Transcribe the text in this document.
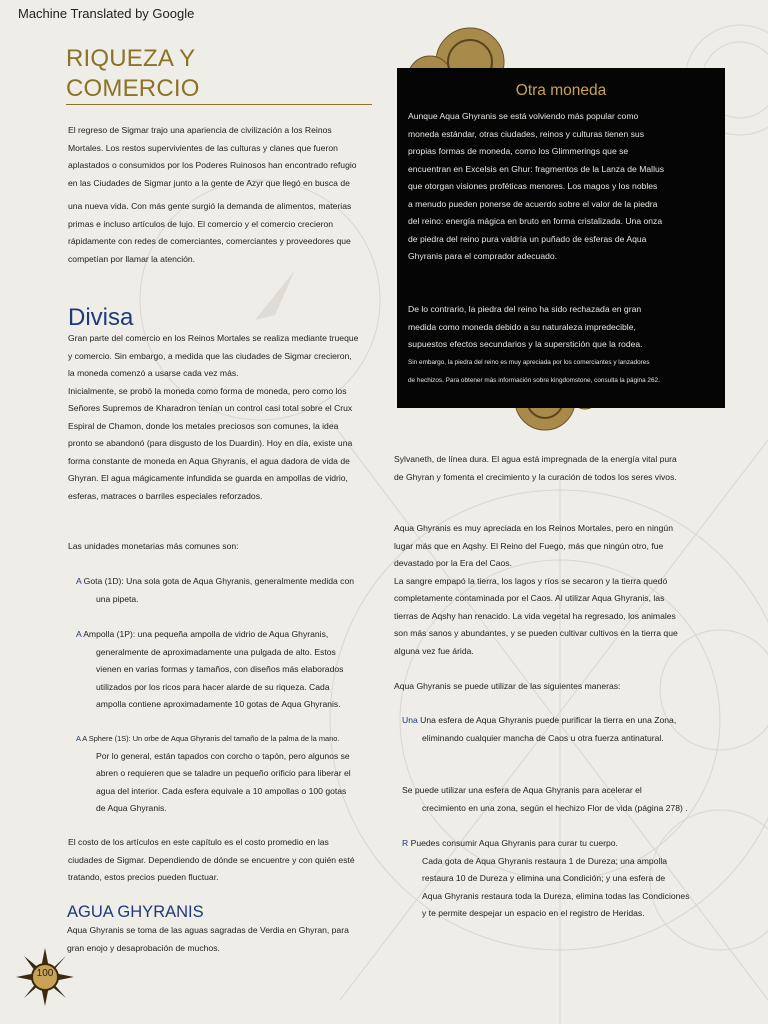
Machine Translated by Google
RIQUEZA Y
COMERCIO

El regreso de Sigmar trajo una apariencia de civilización a los Reinos

Mortales. Los restos supervivientes de las culturas y clanes que fueron

aplastados o consumidos por los Poderes Ruinosos han encontrado refugio

en las Ciudades de Sigmar junto a la gente de Azyr que llegó en busca de

una nueva vida. Con más gente surgió la demanda de alimentos, materias

primas e incluso artículos de lujo. El comercio y el comercio crecieron

rápidamente con redes de comerciantes, comerciantes y proveedores que

competían por llamar la atención.

Divisa

Gran parte del comercio en los Reinos Mortales se realiza mediante trueque

y comercio. Sin embargo, a medida que las ciudades de Sigmar crecieron,

la moneda comenzó a usarse cada vez más.

Inicialmente, se probó la moneda como forma de moneda, pero como los

Señores Supremos de Kharadron tenían un control casi total sobre el Crux

Espiral de Chamon, donde los metales preciosos son comunes, la idea

pronto se abandonó (para disgusto de los Duardin). Hoy en día, existe una

forma constante de moneda en Aqua Ghyranis, el agua dadora de vida de

Ghyran. El agua mágicamente infundida se guarda en ampollas de vidrio,

esferas, matraces o barriles especiales reforzados.

Las unidades monetarias más comunes son:

A Gota (1D): Una sola gota de Aqua Ghyranis, generalmente medida con

una pipeta.

A Ampolla (1P): una pequeña ampolla de vidrio de Aqua Ghyranis,

generalmente de aproximadamente una pulgada de alto. Estos

vienen en varias formas y tamaños, con diseños más elaborados

utilizados por los ricos para hacer alarde de su riqueza. Cada

ampolla contiene aproximadamente 10 gotas de Aqua Ghyranis.

A A Sphere (1S): Un orbe de Aqua Ghyranis del tamaño de la palma de la mano.

Por lo general, están tapados con corcho o tapón, pero algunos se

abren o requieren que se taladre un pequeño orificio para liberar el

agua del interior. Cada esfera equivale a 10 ampollas o 100 gotas

de Aqua Ghyranis.

El costo de los artículos en este capítulo es el costo promedio en las

ciudades de Sigmar. Dependiendo de dónde se encuentre y con quién esté

tratando, estos precios pueden fluctuar.

AGUA GHYRANIS

Aqua Ghyranis se toma de las aguas sagradas de Verdia en Ghyran, para

gran enojo y desaprobación de muchos.

Otra moneda

Aunque Aqua Ghyranis se está volviendo más popular como

moneda estándar, otras ciudades, reinos y culturas tienen sus

propias formas de moneda, como los Glimmerings que se

encuentran en Excelsis en Ghur: fragmentos de la Lanza de Mallus

que otorgan visiones proféticas menores. Los magos y los nobles

a menudo pueden ponerse de acuerdo sobre el valor de la piedra

del reino: energía mágica en bruto en forma cristalizada. Una onza

de piedra del reino pura valdría un puñado de esferas de Aqua

Ghyranis para el comprador adecuado.

De lo contrario, la piedra del reino ha sido rechazada en gran

medida como moneda debido a su naturaleza impredecible,

supuestos efectos secundarios y la superstición que la rodea.

Sin embargo, la piedra del reino es muy apreciada por los comerciantes y lanzadores

de hechizos. Para obtener más información sobre kingdomstone, consulta la página 262.

Sylvaneth, de línea dura. El agua está impregnada de la energía vital pura

de Ghyran y fomenta el crecimiento y la curación de todos los seres vivos.

Aqua Ghyranis es muy apreciada en los Reinos Mortales, pero en ningún

lugar más que en Aqshy. El Reino del Fuego, más que ningún otro, fue

devastado por la Era del Caos.

La sangre empapó la tierra, los lagos y ríos se secaron y la tierra quedó

completamente contaminada por el Caos. Al utilizar Aqua Ghyranis, las

tierras de Aqshy han renacido. La vida vegetal ha regresado, los animales

son más sanos y abundantes, y se pueden cultivar cultivos en la tierra que

alguna vez fue árida.

Aqua Ghyranis se puede utilizar de las siguientes maneras:

Una Una esfera de Aqua Ghyranis puede purificar la tierra en una Zona,

eliminando cualquier mancha de Caos u otra fuerza antinatural.

Se puede utilizar una esfera de Aqua Ghyranis para acelerar el

crecimiento en una zona, según el hechizo Flor de vida (página 278) .

R Puedes consumir Aqua Ghyranis para curar tu cuerpo.

Cada gota de Aqua Ghyranis restaura 1 de Dureza; una ampolla

restaura 10 de Dureza y elimina una Condición; y una esfera de

Aqua Ghyranis restaura toda la Dureza, elimina todas las Condiciones

y te permite despejar un espacio en el registro de Heridas.

100
